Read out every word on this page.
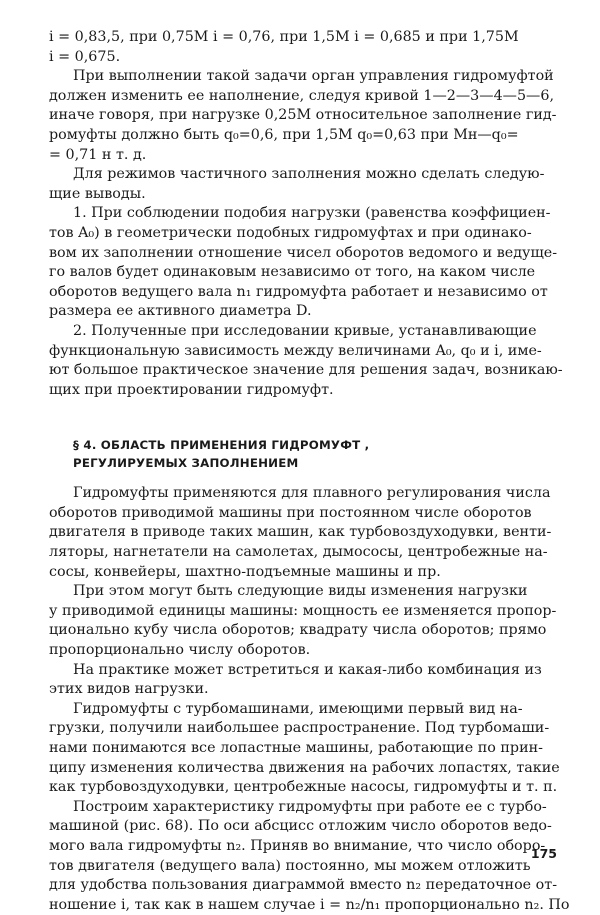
i = 0,83,5, при 0,75M i = 0,76, при 1,5M i = 0,685 и при 1,75M
i = 0,675.
При выполнении такой задачи орган управления гидромуфтой
должен изменить ее наполнение, следуя кривой 1—2—3—4—5—6,
иначе говоря, при нагрузке 0,25M относительное заполнение гид-
ромуфты должно быть q₀=0,6, при 1,5M q₀=0,63 при Mн—q₀=
= 0,71 н т. д.
Для режимов частичного заполнения можно сделать следую-
щие выводы.
1. При соблюдении подобия нагрузки (равенства коэффициен-
тов A₀) в геометрически подобных гидромуфтах и при одинако-
вом их заполнении отношение чисел оборотов ведомого и ведуще-
го валов будет одинаковым независимо от того, на каком числе
оборотов ведущего вала n₁ гидромуфта работает и независимо от
размера ее активного диаметра D.
2. Полученные при исследовании кривые, устанавливающие
функциональную зависимость между величинами A₀, q₀ и i, име-
ют большое практическое значение для решения задач, возникаю-
щих при проектировании гидромуфт.
§ 4. ОБЛАСТЬ ПРИМЕНЕНИЯ ГИДРОМУФТ ,
РЕГУЛИРУЕМЫХ ЗАПОЛНЕНИЕМ
Гидромуфты применяются для плавного регулирования числа
оборотов приводимой машины при постоянном числе оборотов
двигателя в приводе таких машин, как турбовоздуходувки, венти-
ляторы, нагнетатели на самолетах, дымососы, центробежные на-
сосы, конвейеры, шахтно-подъемные машины и пр.
При этом могут быть следующие виды изменения нагрузки
у приводимой единицы машины: мощность ее изменяется пропор-
ционально кубу числа оборотов; квадрату числа оборотов; прямо
пропорционально числу оборотов.
На практике может встретиться и какая-либо комбинация из
этих видов нагрузки.
Гидромуфты с турбомашинами, имеющими первый вид на-
грузки, получили наибольшее распространение. Под турбомаши-
нами понимаются все лопастные машины, работающие по прин-
ципу изменения количества движения на рабочих лопастях, такие
как турбовоздуходувки, центробежные насосы, гидромуфты и т. п.
Построим характеристику гидромуфты при работе ее с турбо-
машиной (рис. 68). По оси абсцисс отложим число оборотов ведо-
мого вала гидромуфты n₂. Приняв во внимание, что число оборо-
тов двигателя (ведущего вала) постоянно, мы можем отложить
для удобства пользования диаграммой вместо n₂ передаточное от-
ношение i, так как в нашем случае i = n₂/n₁ пропорционально n₂. По
175
